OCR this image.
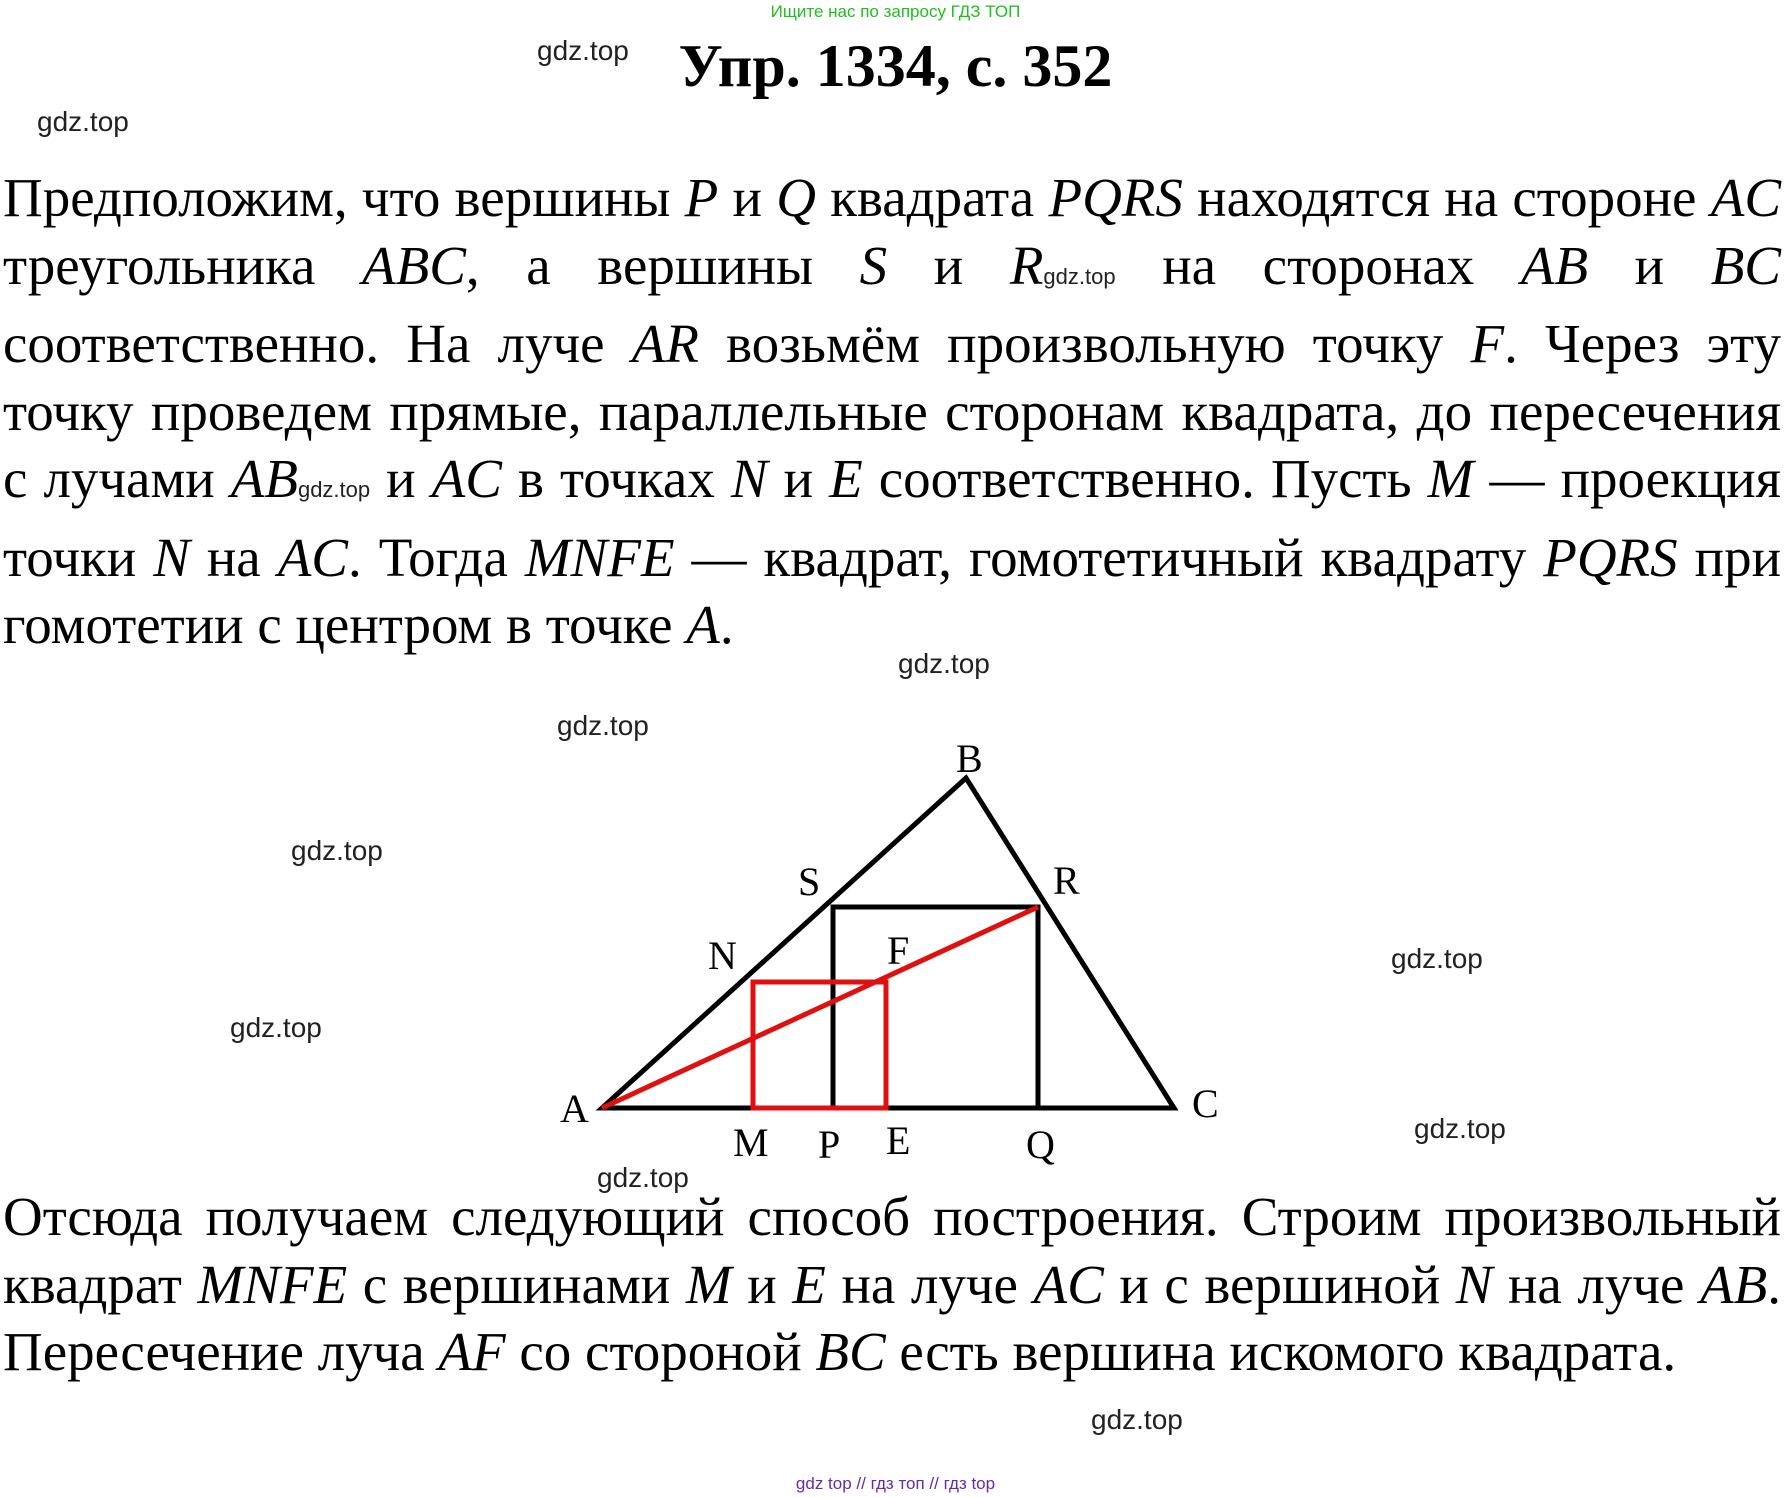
Ищите нас по запросу ГДЗ ТОП
Упр. 1334, с. 352
gdz.top
gdz.top
gdz.top
gdz.top
gdz.top
gdz.top
gdz.top
gdz.top
gdz.top
gdz.top

Предположим, что вершины P и Q квадрата PQRS находятся на стороне AC треугольника ABC, а вершины S и Rgdz.top на сторонах AB и BC соответственно. На луче AR возьмём произвольную точку F. Через эту точку проведем прямые, параллельные сторонам квадрата, до пересечения с лучами ABgdz.top и AC в точках N и E соответственно. Пусть M — проекция точки N на AC. Тогда MNFE — квадрат, гомотетичный квадрату PQRS при гомотетии с центром в точке A.

A
B
C
S	R
N	F
M P E	Q

Отсюда получаем следующий способ построения. Строим произвольный квадрат MNFE с вершинами M и E на луче AC и с вершиной N на луче AB. Пересечение луча AF со стороной BC есть вершина искомого квадрата.

gdz top // гдз топ // гдз top
